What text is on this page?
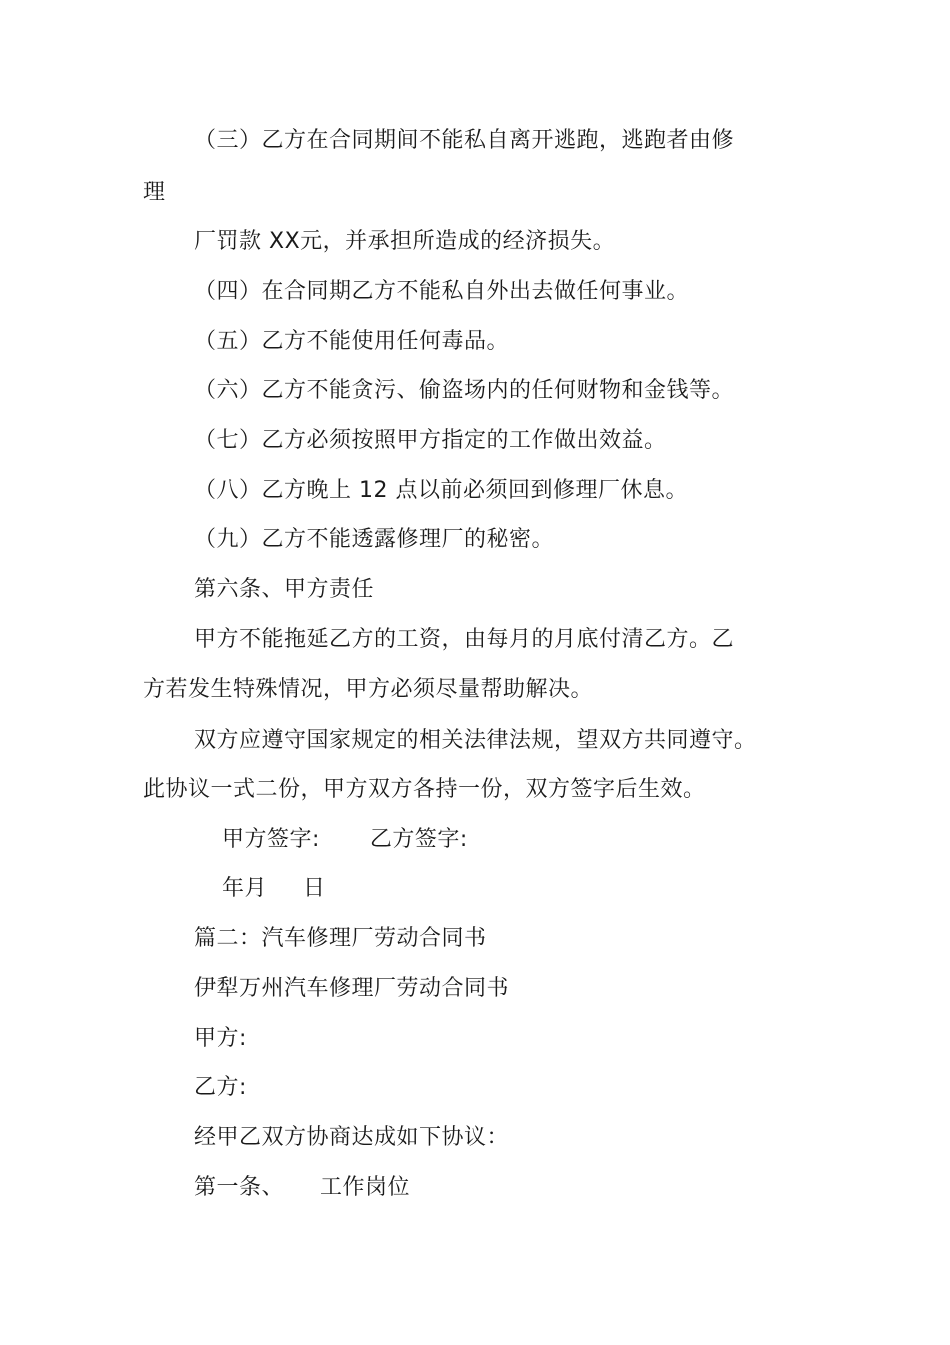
（三）乙方在合同期间不能私自离开逃跑，逃跑者由修
理
厂罚款 XX元，并承担所造成的经济损失。
（四）在合同期乙方不能私自外出去做任何事业。
（五）乙方不能使用任何毒品。
（六）乙方不能贪污、偷盗场内的任何财物和金钱等。
（七）乙方必须按照甲方指定的工作做出效益。
（八）乙方晚上 12 点以前必须回到修理厂休息。
（九）乙方不能透露修理厂的秘密。
第六条、甲方责任
甲方不能拖延乙方的工资，由每月的月底付清乙方。乙
方若发生特殊情况，甲方必须尽量帮助解决。
双方应遵守国家规定的相关法律法规，望双方共同遵守。
此协议一式二份，甲方双方各持一份，双方签字后生效。
甲方签字: 乙方签字:
年月 日
篇二：汽车修理厂劳动合同书
伊犁万州汽车修理厂劳动合同书
甲方:
乙方:
经甲乙双方协商达成如下协议：
第一条、 工作岗位
